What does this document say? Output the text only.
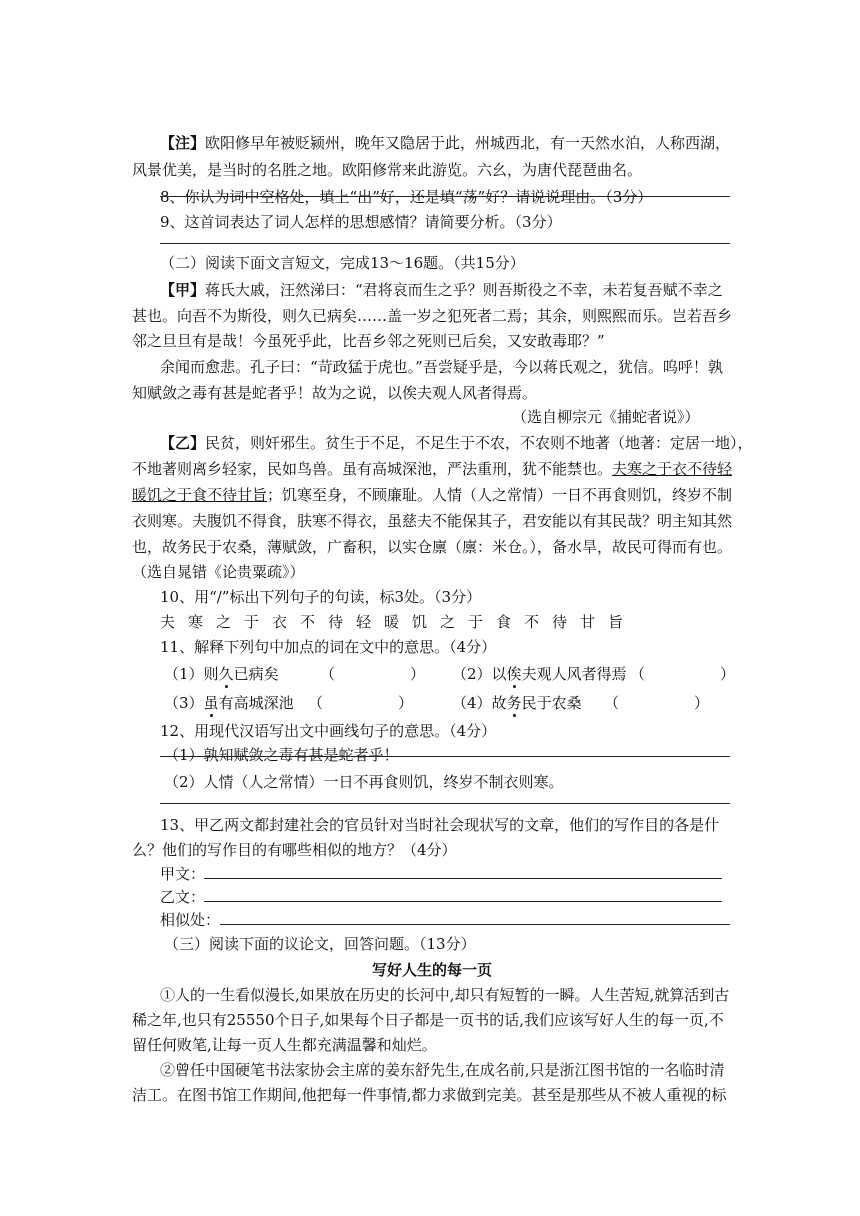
【注】欧阳修早年被贬颍州，晚年又隐居于此，州城西北，有一天然水泊，人称西湖，
风景优美，是当时的名胜之地。欧阳修常来此游览。六幺，为唐代琵琶曲名。
8、你认为词中空格处，填上“出”好，还是填“荡”好？请说说理由。（3分）
9、这首词表达了词人怎样的思想感情？请简要分析。（3分）
（二）阅读下面文言短文，完成13～16题。（共15分）
【甲】蒋氏大戚，汪然涕曰：“君将哀而生之乎？则吾斯役之不幸，未若复吾赋不幸之
甚也。向吾不为斯役，则久已病矣……盖一岁之犯死者二焉；其余，则熙熙而乐。岂若吾乡
邻之旦旦有是哉！今虽死乎此，比吾乡邻之死则已后矣，又安敢毒耶？”
余闻而愈悲。孔子曰：“苛政猛于虎也。”吾尝疑乎是，今以蒋氏观之，犹信。呜呼！孰
知赋敛之毒有甚是蛇者乎！故为之说，以俟夫观人风者得焉。
（选自柳宗元《捕蛇者说》）
【乙】民贫，则奸邪生。贫生于不足，不足生于不农，不农则不地著（地著：定居一地），
不地著则离乡轻家，民如鸟兽。虽有高城深池，严法重刑，犹不能禁也。夫寒之于衣不待轻
暖饥之于食不待甘旨；饥寒至身，不顾廉耻。人情（人之常情）一日不再食则饥，终岁不制
衣则寒。夫腹饥不得食，肤寒不得衣，虽慈夫不能保其子，君安能以有其民哉？明主知其然
也，故务民于农桑，薄赋敛，广畜积，以实仓廪（廪：米仓。），备水旱，故民可得而有也。
（选自晁错《论贵粟疏》）
10、用“/”标出下列句子的句读，标3处。（3分）
夫寒之于衣不待轻暖饥之于食不待甘旨
11、解释下列句中加点的词在文中的意思。（4分）
（1）则久已病矣	（　　　　　） （2）以俟夫观人风者得焉 （　　　　　）
（3）虽有高城深池 （　　　　　）	（4）故务民于农桑 （　　　　　）
12、用现代汉语写出文中画线句子的意思。（4分）
（1）孰知赋敛之毒有甚是蛇者乎！
（2）人情（人之常情）一日不再食则饥，终岁不制衣则寒。
13、甲乙两文都封建社会的官员针对当时社会现状写的文章，他们的写作目的各是什
么？他们的写作目的有哪些相似的地方？（4分）
甲文：
乙文：
相似处：
（三）阅读下面的议论文，回答问题。（13分）
写好人生的每一页
①人的一生看似漫长,如果放在历史的长河中,却只有短暂的一瞬。人生苦短,就算活到古
稀之年,也只有25550个日子,如果每个日子都是一页书的话,我们应该写好人生的每一页,不
留任何败笔,让每一页人生都充满温馨和灿烂。
②曾任中国硬笔书法家协会主席的姜东舒先生,在成名前,只是浙江图书馆的一名临时清
洁工。在图书馆工作期间,他把每一件事情,都力求做到完美。甚至是那些从不被人重视的标
